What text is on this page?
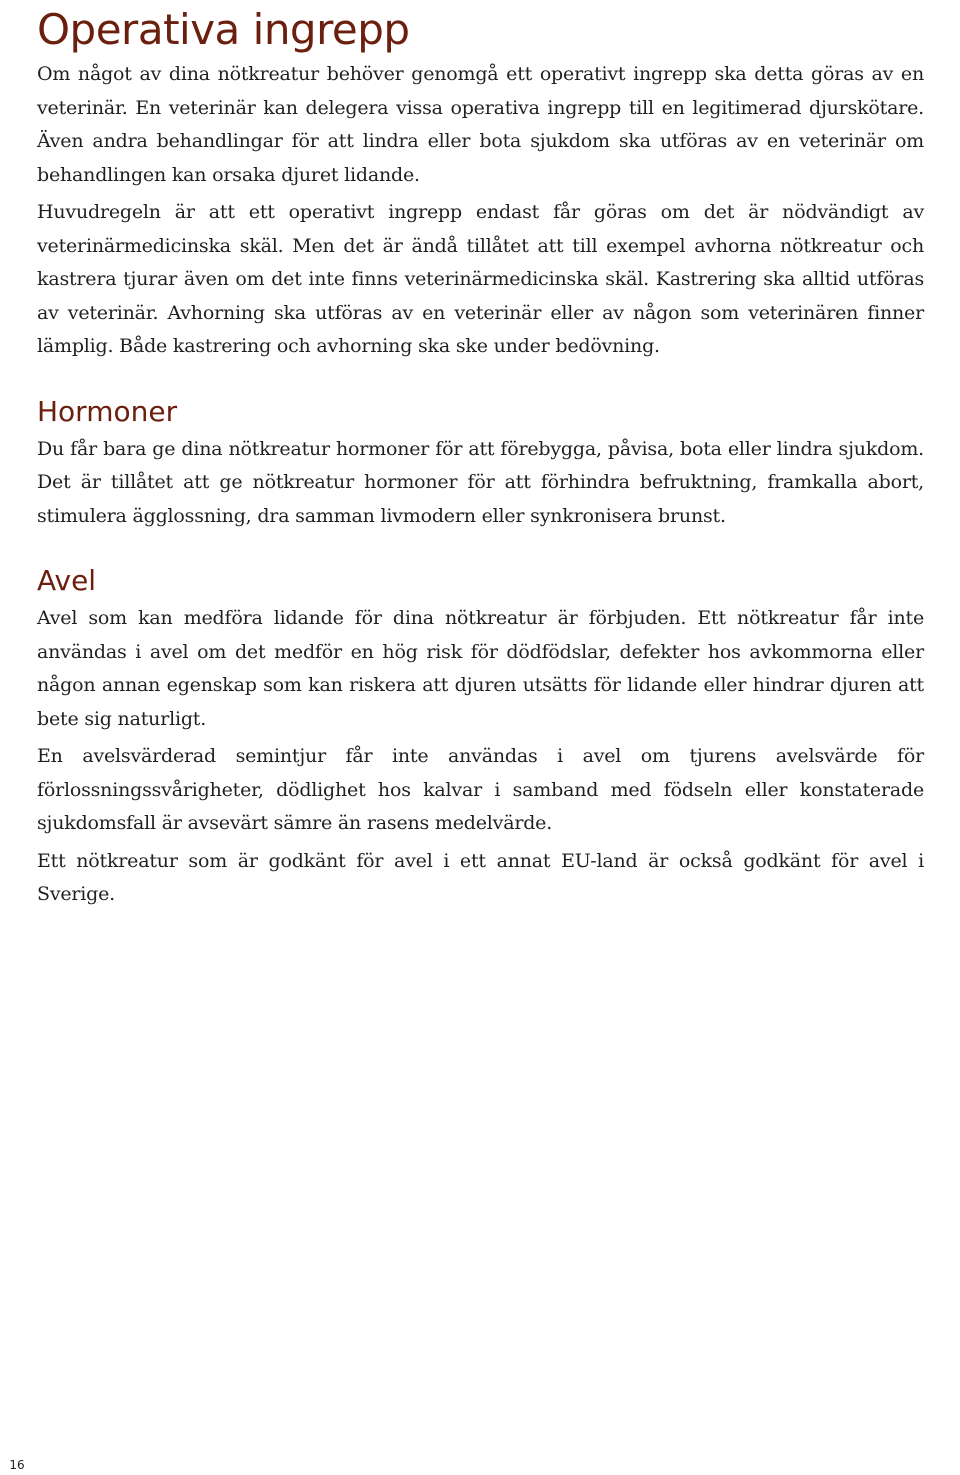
Operativa ingrepp

Om något av dina nötkreatur behöver genomgå ett operativt ingrepp ska detta göras av en veterinär. En veterinär kan delegera vissa operativa ingrepp till en legitimerad djurskötare. Även andra behandlingar för att lindra eller bota sjukdom ska utföras av en veterinär om behandlingen kan orsaka djuret lidande.

Huvudregeln är att ett operativt ingrepp endast får göras om det är nödvändigt av veterinärmedicinska skäl. Men det är ändå tillåtet att till exempel avhorna nötkreatur och kastrera tjurar även om det inte finns veterinärmedicinska skäl. Kastrering ska alltid utföras av veterinär. Avhorning ska utföras av en veterinär eller av någon som veterinären finner lämplig. Både kastrering och avhorning ska ske under bedövning.

Hormoner

Du får bara ge dina nötkreatur hormoner för att förebygga, påvisa, bota eller lindra sjukdom. Det är tillåtet att ge nötkreatur hormoner för att förhindra befruktning, framkalla abort, stimulera ägglossning, dra samman livmodern eller synkronisera brunst.

Avel

Avel som kan medföra lidande för dina nötkreatur är förbjuden. Ett nötkreatur får inte användas i avel om det medför en hög risk för dödfödslar, defekter hos avkommorna eller någon annan egenskap som kan riskera att djuren utsätts för lidande eller hindrar djuren att bete sig naturligt.

En avelsvärderad semintjur får inte användas i avel om tjurens avelsvärde för förlossningssvårigheter, dödlighet hos kalvar i samband med födseln eller konstaterade sjukdomsfall är avsevärt sämre än rasens medelvärde.

Ett nötkreatur som är godkänt för avel i ett annat EU-land är också godkänt för avel i Sverige.

16
